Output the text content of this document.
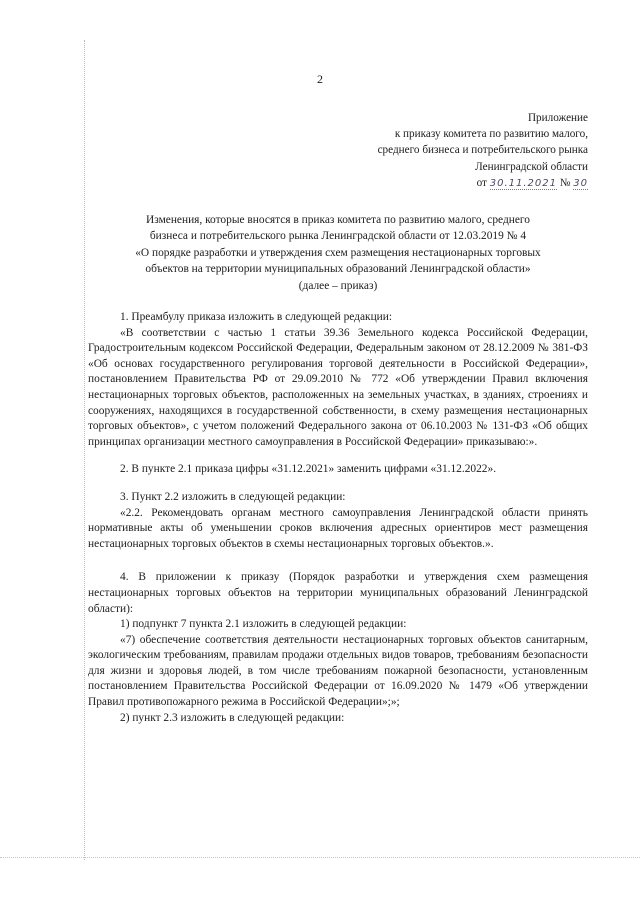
2
Приложение
к приказу комитета по развитию малого,
среднего бизнеса и потребительского рынка
Ленинградской области
от 30.11.2021 № 30
Изменения, которые вносятся в приказ комитета по развитию малого, среднего
бизнеса и потребительского рынка Ленинградской области от 12.03.2019 № 4
«О порядке разработки и утверждения схем размещения нестационарных торговых
объектов на территории муниципальных образований Ленинградской области»
(далее – приказ)

1. Преамбулу приказа изложить в следующей редакции:

«В соответствии с частью 1 статьи 39.36 Земельного кодекса Российской Федерации, Градостроительным кодексом Российской Федерации, Федеральным законом от 28.12.2009 № 381-ФЗ «Об основах государственного регулирования торговой деятельности в Российской Федерации», постановлением Правительства РФ от 29.09.2010 № 772 «Об утверждении Правил включения нестационарных торговых объектов, расположенных на земельных участках, в зданиях, строениях и сооружениях, находящихся в государственной собственности, в схему размещения нестационарных торговых объектов», с учетом положений Федерального закона от 06.10.2003 № 131-ФЗ «Об общих принципах организации местного самоуправления в Российской Федерации» приказываю:».

2. В пункте 2.1 приказа цифры «31.12.2021» заменить цифрами «31.12.2022».

3. Пункт 2.2 изложить в следующей редакции:

«2.2. Рекомендовать органам местного самоуправления Ленинградской области принять нормативные акты об уменьшении сроков включения адресных ориентиров мест размещения нестационарных торговых объектов в схемы нестационарных торговых объектов.».

4. В приложении к приказу (Порядок разработки и утверждения схем размещения нестационарных торговых объектов на территории муниципальных образований Ленинградской области):

1) подпункт 7 пункта 2.1 изложить в следующей редакции:

«7) обеспечение соответствия деятельности нестационарных торговых объектов санитарным, экологическим требованиям, правилам продажи отдельных видов товаров, требованиям безопасности для жизни и здоровья людей, в том числе требованиям пожарной безопасности, установленным постановлением Правительства Российской Федерации от 16.09.2020 № 1479 «Об утверждении Правил противопожарного режима в Российской Федерации»;»;

2) пункт 2.3 изложить в следующей редакции:
